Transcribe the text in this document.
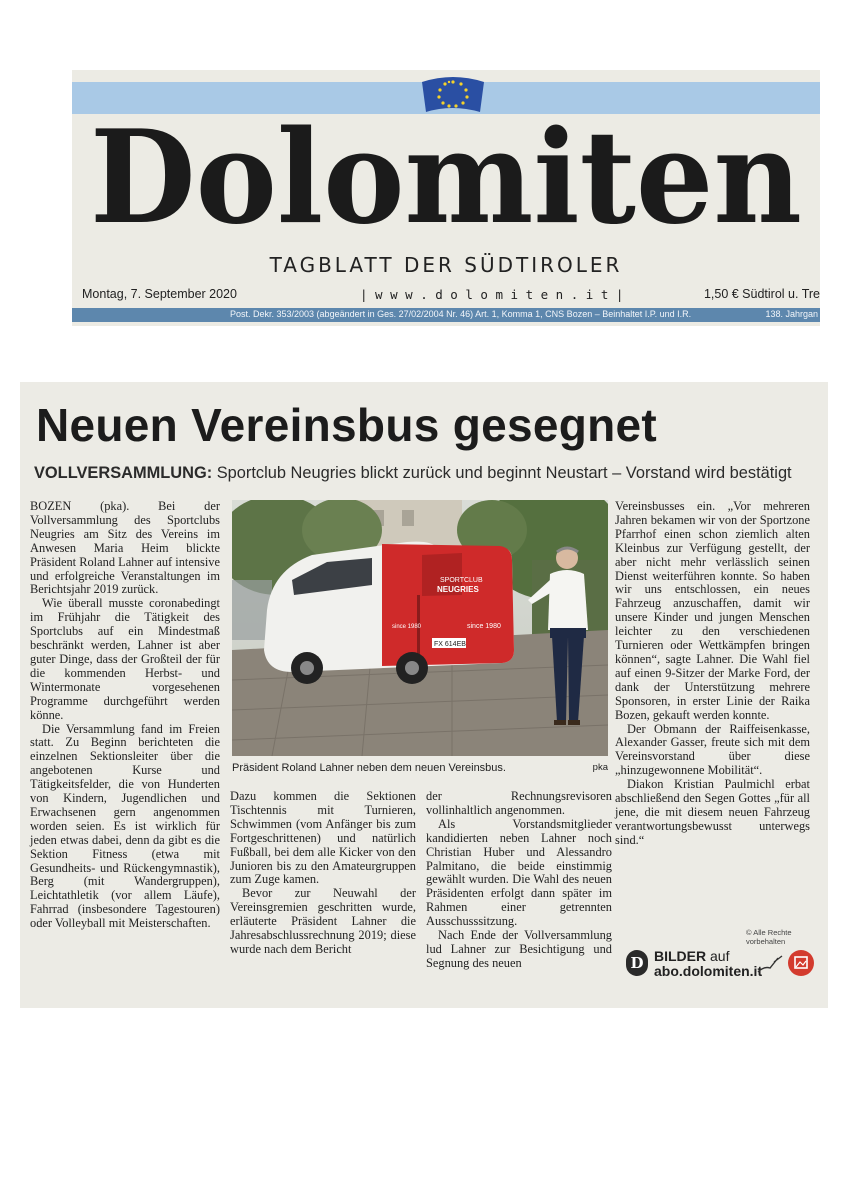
Dolomiten
TAGBLATT DER SÜDTIROLER
Montag, 7. September 2020	| w w w . d o l o m i t e n . i t |	1,50 € Südtirol u. Tre
Post. Dekr. 353/2003 (abgeändert in Ges. 27/02/2004 Nr. 46) Art. 1, Komma 1, CNS Bozen – Beinhaltet I.P. und I.R.	138. Jahrgan
Neuen Vereinsbus gesegnet

VOLLVERSAMMLUNG: Sportclub Neugries blickt zurück und beginnt Neustart – Vorstand wird bestätigt

BOZEN (pka). Bei der Vollversammlung des Sportclubs Neugries am Sitz des Vereins im Anwesen Maria Heim blickte Präsident Roland Lahner auf intensive und erfolgreiche Veranstaltungen im Berichtsjahr 2019 zurück.

Wie überall musste coronabedingt im Frühjahr die Tätigkeit des Sportclubs auf ein Mindestmaß beschränkt werden, Lahner ist aber guter Dinge, dass der Großteil der für die kommenden Herbst- und Wintermonate vorgesehenen Programme durchgeführt werden könne.

Die Versammlung fand im Freien statt. Zu Beginn berichteten die einzelnen Sektionsleiter über die angebotenen Kurse und Tätigkeitsfelder, die von Hunderten von Kindern, Jugendlichen und Erwachsenen gern angenommen worden seien. Es ist wirklich für jeden etwas dabei, denn da gibt es die Sektion Fitness (etwa mit Gesundheits- und Rückengymnastik), Berg (mit Wandergruppen), Leichtathletik (vor allem Läufe), Fahrrad (insbesondere Tagestouren) oder Volleyball mit Meisterschaften.

SPORTCLUB
NEUGRIES
since 1980
since 1980
FX 614EB
Präsident Roland Lahner neben dem neuen Vereinsbus.	pka

Dazu kommen die Sektionen Tischtennis mit Turnieren, Schwimmen (vom Anfänger bis zum Fortgeschrittenen) und natürlich Fußball, bei dem alle Kicker von den Junioren bis zu den Amateurgruppen zum Zuge kamen.

Bevor zur Neuwahl der Vereinsgremien geschritten wurde, erläuterte Präsident Lahner die Jahresabschlussrechnung 2019; diese wurde nach dem Bericht

der Rechnungsrevisoren vollinhaltlich angenommen.

Als Vorstandsmitglieder kandidierten neben Lahner noch Christian Huber und Alessandro Palmitano, die beide einstimmig gewählt wurden. Die Wahl des neuen Präsidenten erfolgt dann später im Rahmen einer getrennten Ausschusssitzung.

Nach Ende der Vollversammlung lud Lahner zur Besichtigung und Segnung des neuen

Vereinsbusses ein. „Vor mehreren Jahren bekamen wir von der Sportzone Pfarrhof einen schon ziemlich alten Kleinbus zur Verfügung gestellt, der aber nicht mehr verlässlich seinen Dienst weiterführen konnte. So haben wir uns entschlossen, ein neues Fahrzeug anzuschaffen, damit wir unsere Kinder und jungen Menschen leichter zu den verschiedenen Turnieren oder Wettkämpfen bringen können“, sagte Lahner. Die Wahl fiel auf einen 9-Sitzer der Marke Ford, der dank der Unterstützung mehrere Sponsoren, in erster Linie der Raika Bozen, gekauft werden konnte.

Der Obmann der Raiffeisenkasse, Alexander Gasser, freute sich mit dem Vereinsvorstand über diese „hinzugewonnene Mobilität“.

Diakon Kristian Paulmichl erbat abschließend den Segen Gottes „für all jene, die mit diesem neuen Fahrzeug verantwortungsbewusst unterwegs sind.“

© Alle Rechte vorbehalten
D BILDER auf
abo.dolomiten.it
